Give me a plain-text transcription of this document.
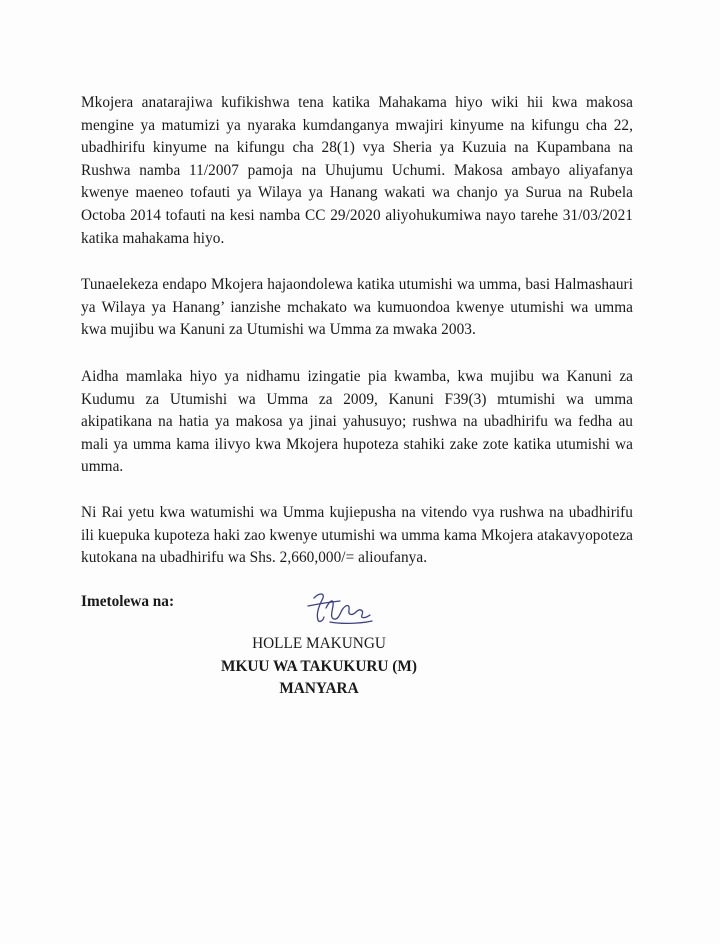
Mkojera anatarajiwa kufikishwa tena katika Mahakama hiyo wiki hii kwa makosa mengine ya matumizi ya nyaraka kumdanganya mwajiri kinyume na kifungu cha 22, ubadhirifu kinyume na kifungu cha 28(1) vya Sheria ya Kuzuia na Kupambana na Rushwa namba 11/2007 pamoja na Uhujumu Uchumi. Makosa ambayo aliyafanya kwenye maeneo tofauti ya Wilaya ya Hanang wakati wa chanjo ya Surua na Rubela Octoba 2014 tofauti na kesi namba CC 29/2020 aliyohukumiwa nayo tarehe 31/03/2021 katika mahakama hiyo.

Tunaelekeza endapo Mkojera hajaondolewa katika utumishi wa umma, basi Halmashauri ya Wilaya ya Hanang’ ianzishe mchakato wa kumuondoa kwenye utumishi wa umma kwa mujibu wa Kanuni za Utumishi wa Umma za mwaka 2003.

Aidha mamlaka hiyo ya nidhamu izingatie pia kwamba, kwa mujibu wa Kanuni za Kudumu za Utumishi wa Umma za 2009, Kanuni F39(3) mtumishi wa umma akipatikana na hatia ya makosa ya jinai yahusuyo; rushwa na ubadhirifu wa fedha au mali ya umma kama ilivyo kwa Mkojera hupoteza stahiki zake zote katika utumishi wa umma.

Ni Rai yetu kwa watumishi wa Umma kujiepusha na vitendo vya rushwa na ubadhirifu ili kuepuka kupoteza haki zao kwenye utumishi wa umma kama Mkojera atakavyopoteza kutokana na ubadhirifu wa Shs. 2,660,000/= alioufanya.

Imetolewa na:

HOLLE MAKUNGU
MKUU WA TAKUKURU (M)
MANYARA
